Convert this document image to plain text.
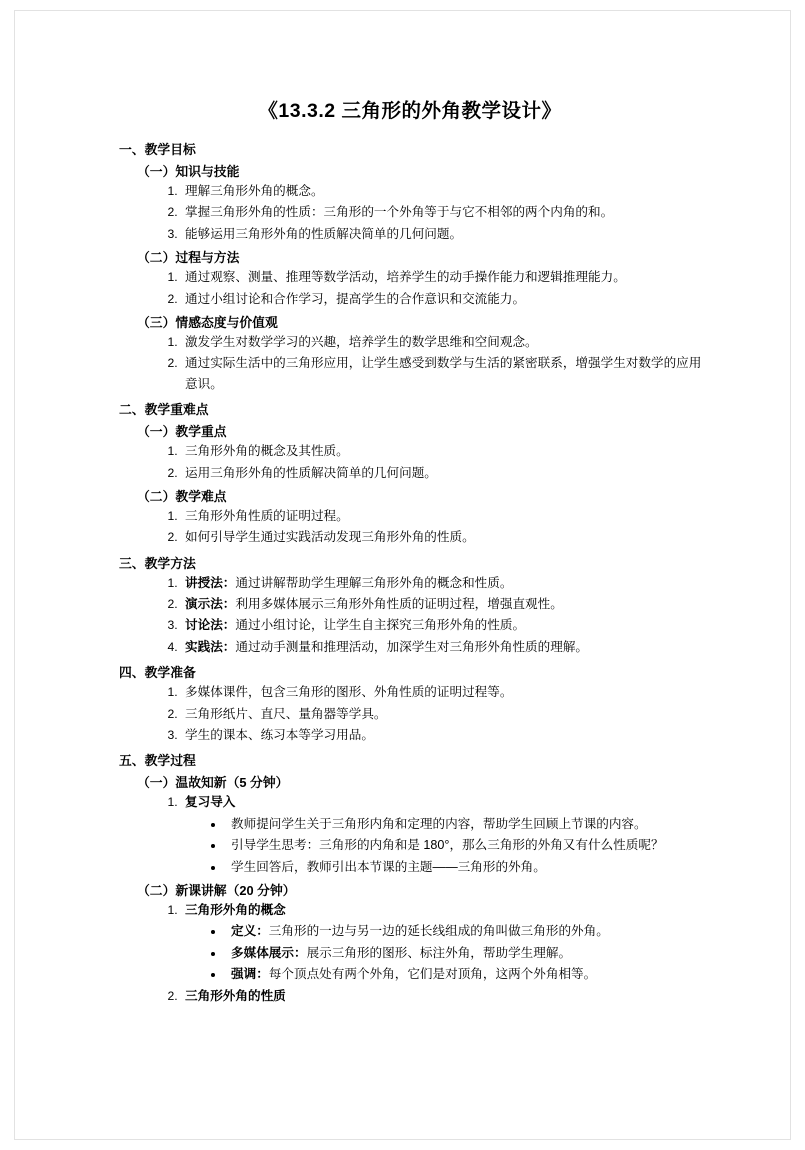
《13.3.2 三角形的外角教学设计》
一、教学目标
（一）知识与技能
1. 理解三角形外角的概念。
2. 掌握三角形外角的性质：三角形的一个外角等于与它不相邻的两个内角的和。
3. 能够运用三角形外角的性质解决简单的几何问题。
（二）过程与方法
1. 通过观察、测量、推理等数学活动，培养学生的动手操作能力和逻辑推理能力。
2. 通过小组讨论和合作学习，提高学生的合作意识和交流能力。
（三）情感态度与价值观
1. 激发学生对数学学习的兴趣，培养学生的数学思维和空间观念。
2. 通过实际生活中的三角形应用，让学生感受到数学与生活的紧密联系，增强学生对数学的应用意识。
二、教学重难点
（一）教学重点
1. 三角形外角的概念及其性质。
2. 运用三角形外角的性质解决简单的几何问题。
（二）教学难点
1. 三角形外角性质的证明过程。
2. 如何引导学生通过实践活动发现三角形外角的性质。
三、教学方法
1. 讲授法：通过讲解帮助学生理解三角形外角的概念和性质。
2. 演示法：利用多媒体展示三角形外角性质的证明过程，增强直观性。
3. 讨论法：通过小组讨论，让学生自主探究三角形外角的性质。
4. 实践法：通过动手测量和推理活动，加深学生对三角形外角性质的理解。
四、教学准备
1. 多媒体课件，包含三角形的图形、外角性质的证明过程等。
2. 三角形纸片、直尺、量角器等学具。
3. 学生的课本、练习本等学习用品。
五、教学过程
（一）温故知新（5 分钟）
1. 复习导入
• 教师提问学生关于三角形内角和定理的内容，帮助学生回顾上节课的内容。
• 引导学生思考：三角形的内角和是 180°，那么三角形的外角又有什么性质呢？
• 学生回答后，教师引出本节课的主题——三角形的外角。
（二）新课讲解（20 分钟）
1. 三角形外角的概念
• 定义：三角形的一边与另一边的延长线组成的角叫做三角形的外角。
• 多媒体展示：展示三角形的图形、标注外角，帮助学生理解。
• 强调：每个顶点处有两个外角，它们是对顶角，这两个外角相等。
2. 三角形外角的性质
